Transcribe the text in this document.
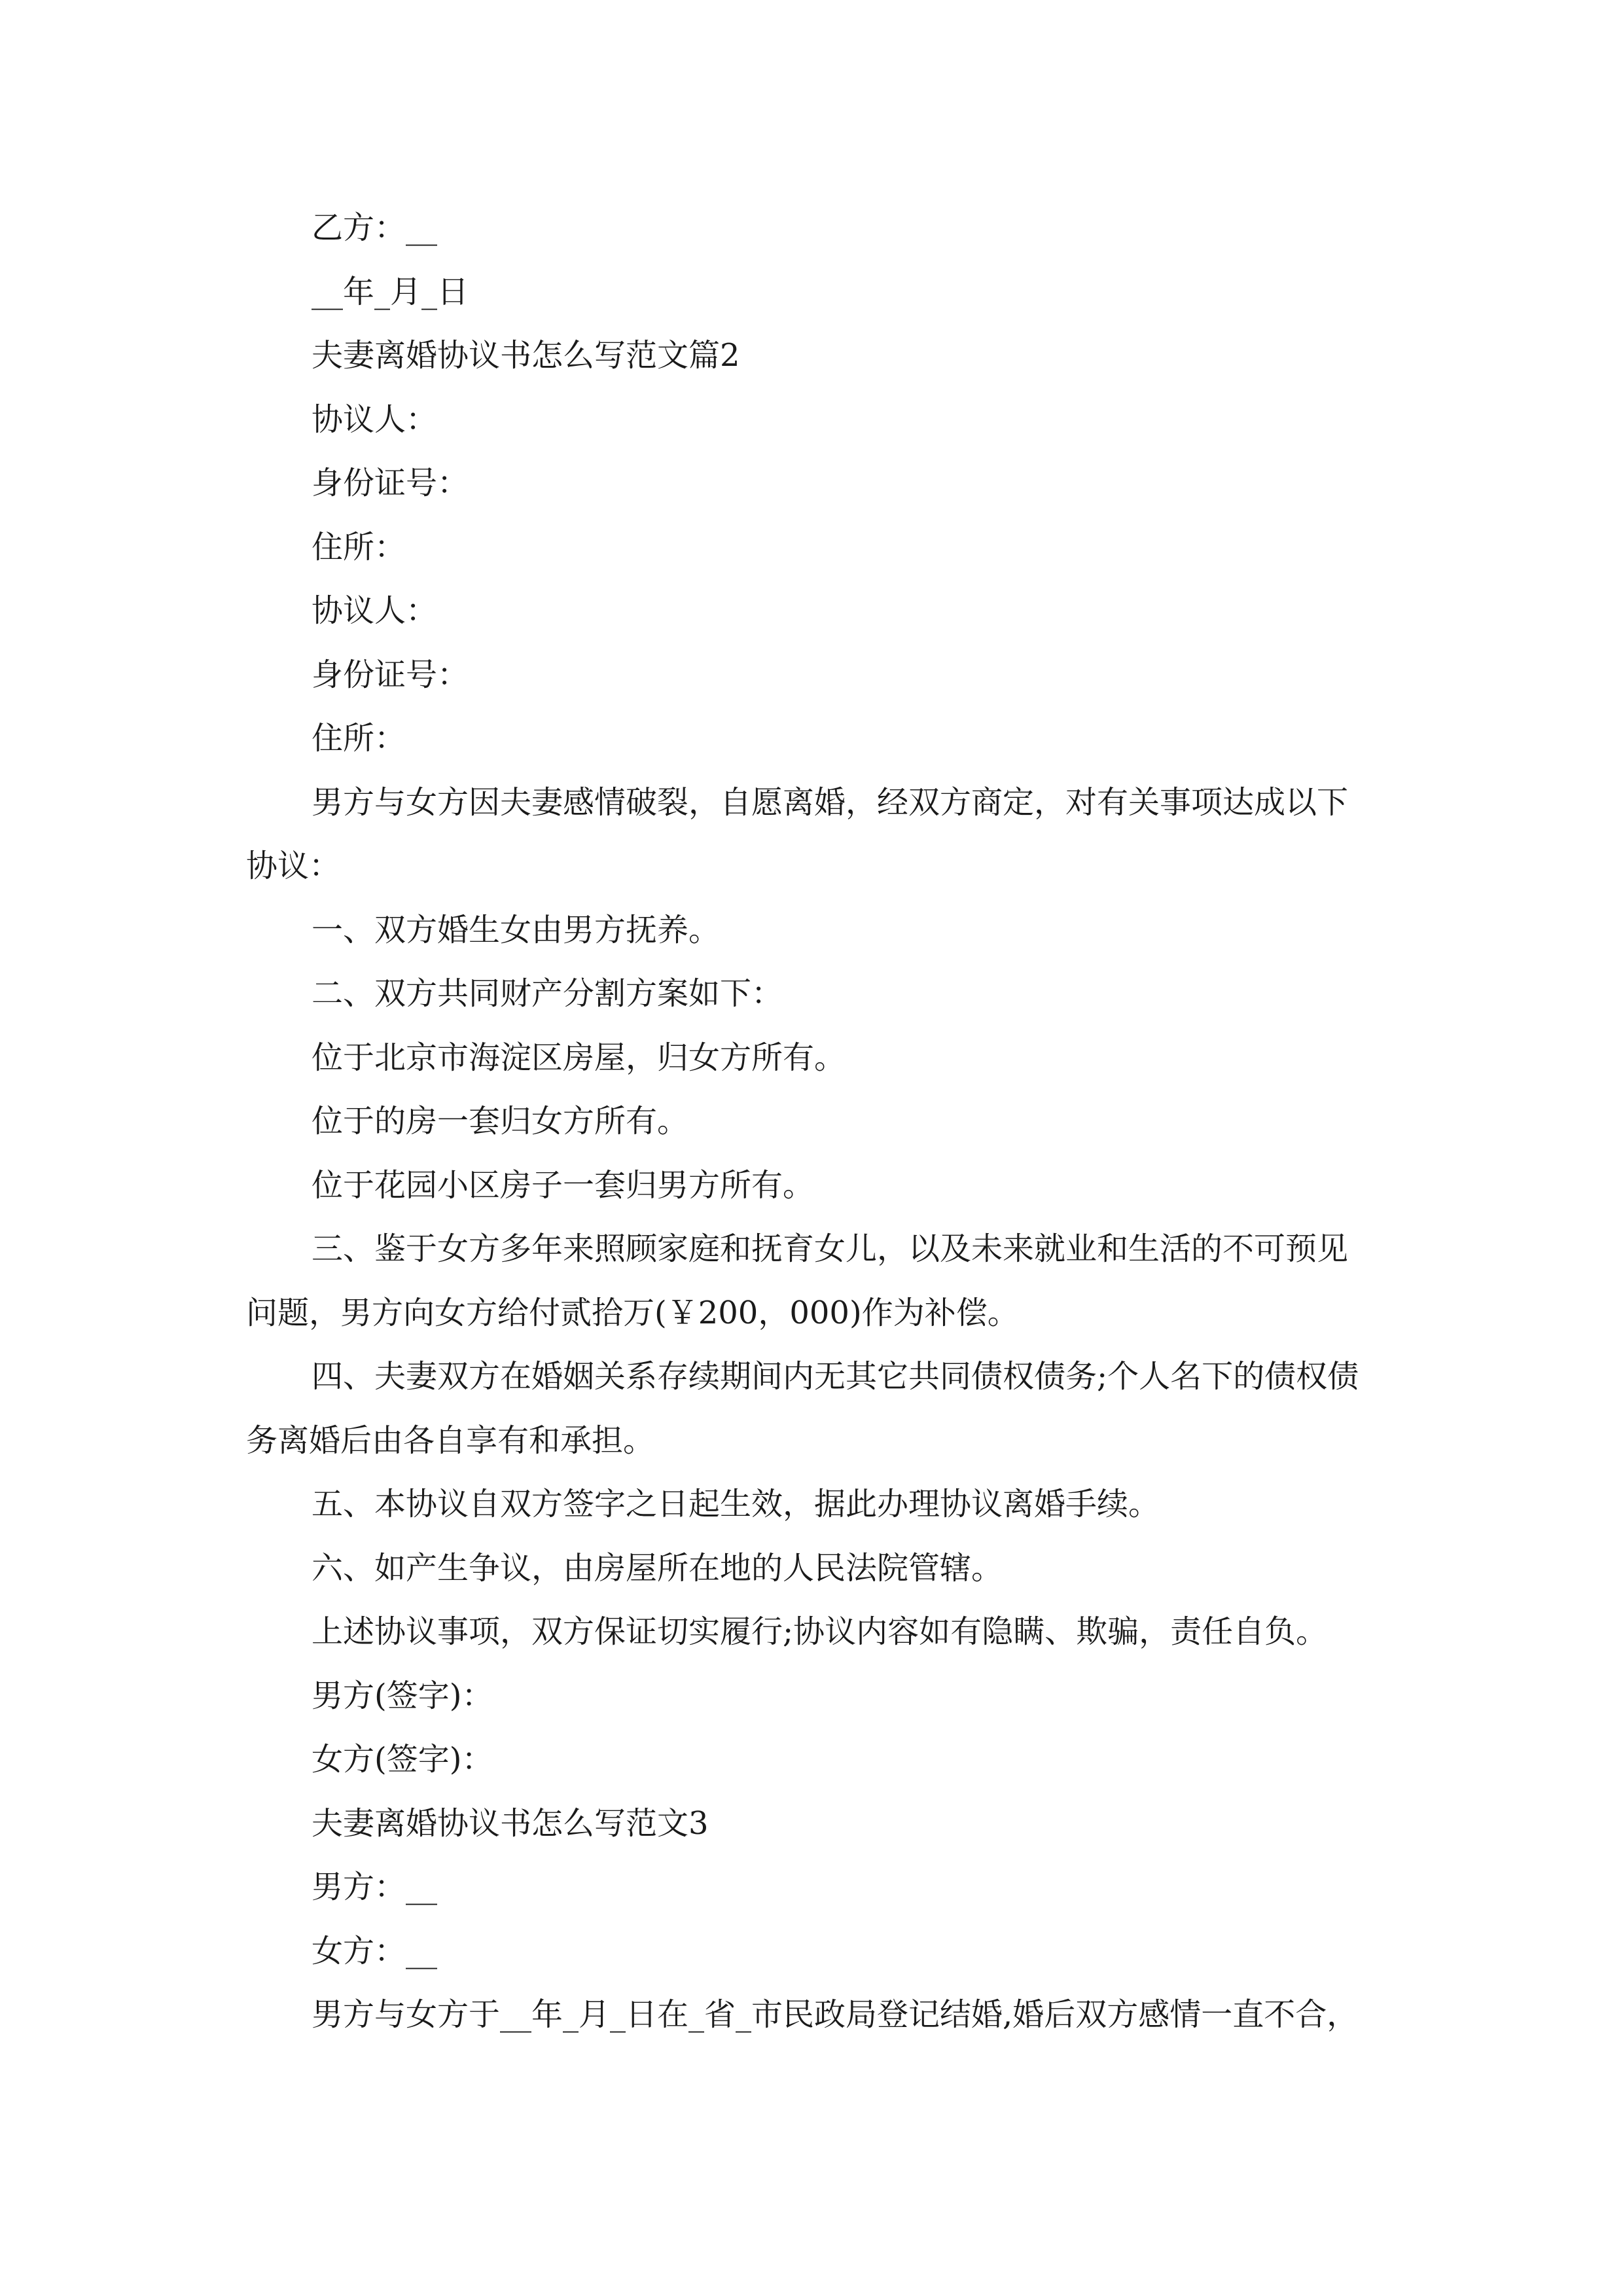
乙方：__

__年_月_日

夫妻离婚协议书怎么写范文篇2

协议人：

身份证号：

住所：

协议人：

身份证号：

住所：

男方与女方因夫妻感情破裂，自愿离婚，经双方商定，对有关事项达成以下协议：

一、双方婚生女由男方抚养。

二、双方共同财产分割方案如下：

位于北京市海淀区房屋，归女方所有。

位于的房一套归女方所有。

位于花园小区房子一套归男方所有。

三、鉴于女方多年来照顾家庭和抚育女儿，以及未来就业和生活的不可预见问题，男方向女方给付贰拾万(￥200，000)作为补偿。

四、夫妻双方在婚姻关系存续期间内无其它共同债权债务;个人名下的债权债务离婚后由各自享有和承担。

五、本协议自双方签字之日起生效，据此办理协议离婚手续。

六、如产生争议，由房屋所在地的人民法院管辖。

上述协议事项，双方保证切实履行;协议内容如有隐瞒、欺骗，责任自负。

男方(签字)：

女方(签字)：

夫妻离婚协议书怎么写范文3

男方：__

女方：__

男方与女方于__年_月_日在_省_市民政局登记结婚,婚后双方感情一直不合，
